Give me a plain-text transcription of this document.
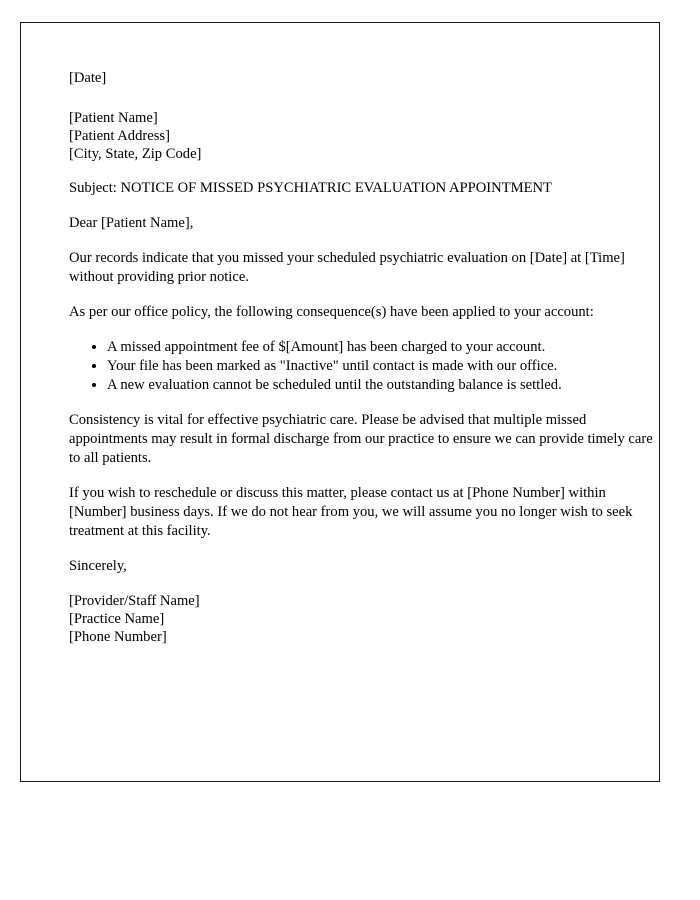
[Date]
[Patient Name]
[Patient Address]
[City, State, Zip Code]
Subject: NOTICE OF MISSED PSYCHIATRIC EVALUATION APPOINTMENT
Dear [Patient Name],
Our records indicate that you missed your scheduled psychiatric evaluation on [Date] at [Time] without providing prior notice.
As per our office policy, the following consequence(s) have been applied to your account:
• A missed appointment fee of $[Amount] has been charged to your account.
• Your file has been marked as "Inactive" until contact is made with our office.
• A new evaluation cannot be scheduled until the outstanding balance is settled.
Consistency is vital for effective psychiatric care. Please be advised that multiple missed appointments may result in formal discharge from our practice to ensure we can provide timely care to all patients.
If you wish to reschedule or discuss this matter, please contact us at [Phone Number] within [Number] business days. If we do not hear from you, we will assume you no longer wish to seek treatment at this facility.
Sincerely,
[Provider/Staff Name]
[Practice Name]
[Phone Number]
